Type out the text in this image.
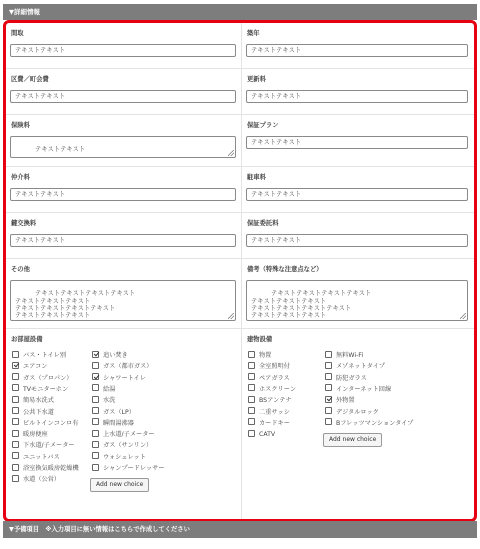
▼詳細情報
間取
テキストテキスト
築年
テキストテキスト
区費／町会費
テキストテキスト
更新料
テキストテキスト
保険料

テキストテキスト

保証プラン
テキストテキスト
仲介料
テキストテキスト
駐車料
テキストテキスト
鍵交換料
テキストテキスト
保証委託料
テキストテキスト
その他

テキストテキストテキストテキスト
テキストテキストテキスト
テキストテキストテキストテキスト
テキストテキストテキスト

備考（特殊な注意点など）

テキストテキストテキストテキスト
テキストテキストテキスト
テキストテキストテキストテキスト
テキストテキストテキスト

お部屋設備
バス・トイレ別
エアコン
ガス（プロパン）
TVモニターホン
簡易水洗式
公共下水道
ビルトインコンロ有
暖房便座
下水道/子メーター
ユニットバス
浴室換気暖房乾燥機
水道（公営）
追い焚き
ガス（都市ガス）
シャワートイレ
給湯
水洗
ガス（LP）
瞬間湯沸器
上水道/子メーター
ガス（サンリン）
ウォシュレット
シャンプードレッサー
Add new choice
建物設備
物置
全室照明付
ペアガラス
ホスクリーン
BSアンテナ
二重サッシ
カードキー
CATV
無料Wi-Fi
メゾネットタイプ
防犯ガラス
インターネット回線
外物置
デジタルロック
Bフレッツマンションタイプ
Add new choice
▼予備項目　※入力項目に無い情報はこちらで作成してください
